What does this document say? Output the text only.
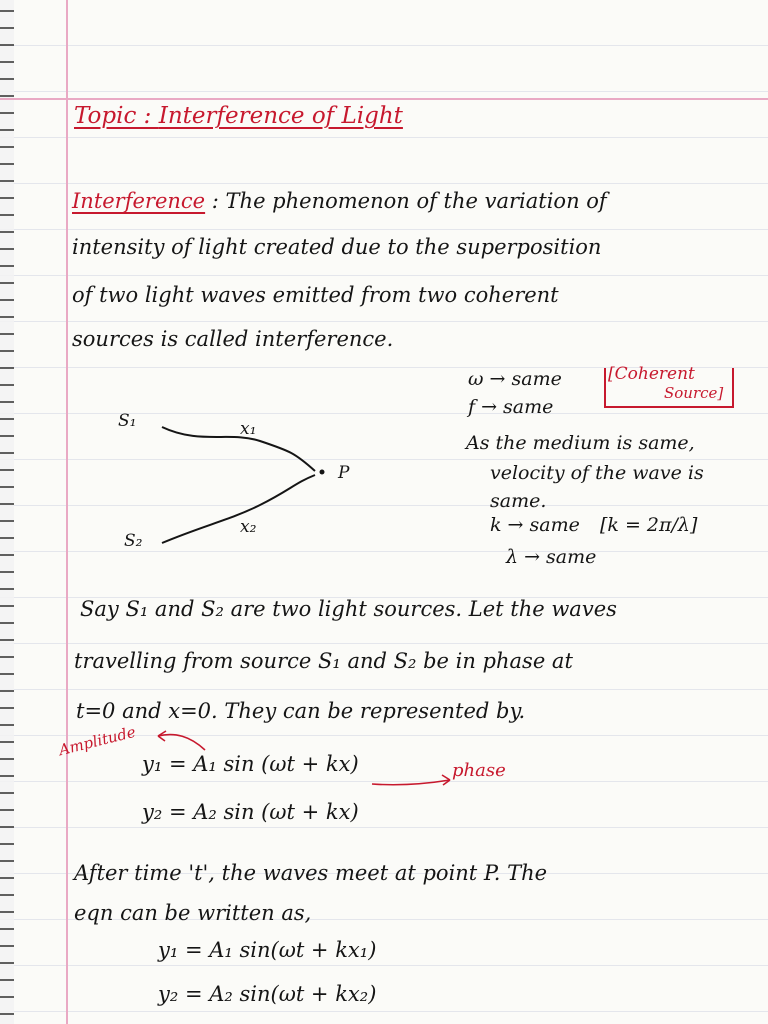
Topic : Interference of Light
Interference : The phenomenon of the variation of
intensity of light created due to the superposition
of two light waves emitted from two coherent
sources is called interference.
S₁	x₁
P
S₂
x₂
ω → same	[Coherent
Source]
f → same
As the medium is same,
velocity of the wave is
same.
k → same [k = 2π/λ]
λ → same
Say S₁ and S₂ are two light sources. Let the waves
travelling from source S₁ and S₂ be in phase at
t=0 and x=0. They can be represented by.
Amplitude
y₁ = A₁ sin (ωt + kx)	phase
y₂ = A₂ sin (ωt + kx)
After time 't', the waves meet at point P. The
eqn can be written as,
y₁ = A₁ sin(ωt + kx₁)
y₂ = A₂ sin(ωt + kx₂)
